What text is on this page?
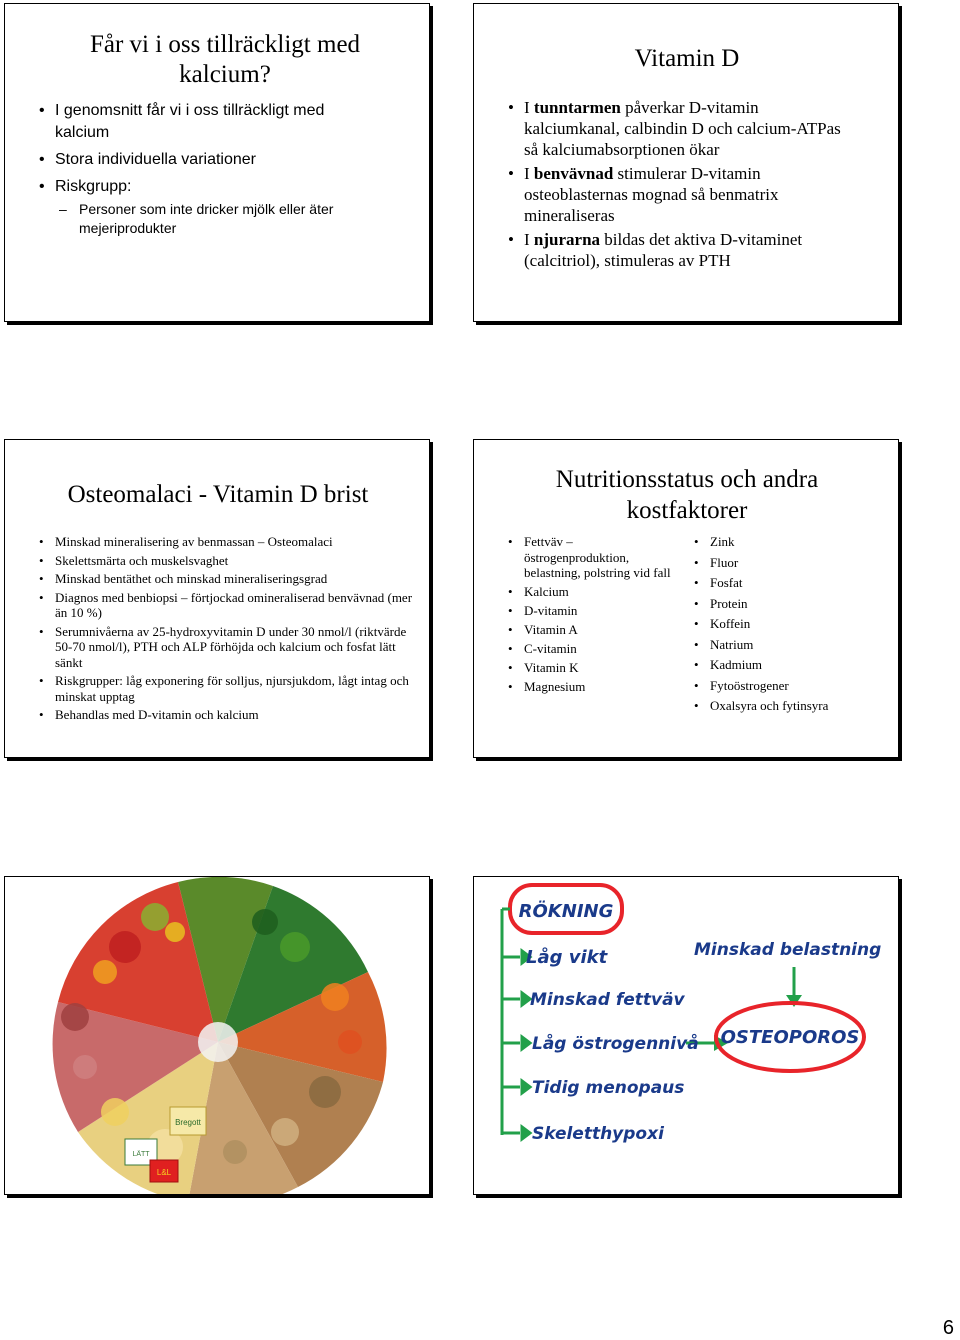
Får vi i oss tillräckligt med kalcium?
• I genomsnitt får vi i oss tillräckligt med kalcium
• Stora individuella variationer
• Riskgrupp:
– Personer som inte dricker mjölk eller äter mejeriprodukter
Vitamin D
• I tunntarmen påverkar D-vitamin kalciumkanal, calbindin D och calcium-ATPas så kalciumabsorptionen ökar
• I benvävnad stimulerar D-vitamin osteoblasternas mognad så benmatrix mineraliseras
• I njurarna bildas det aktiva D-vitaminet (calcitriol), stimuleras av PTH
Osteomalaci - Vitamin D brist
• Minskad mineralisering av benmassan – Osteomalaci
• Skelettsmärta och muskelsvaghet
• Minskad bentäthet och minskad mineraliseringsgrad
• Diagnos med benbiopsi – förtjockad omineraliserad benvävnad (mer än 10 %)
• Serumnivåerna av 25-hydroxyvitamin D under 30 nmol/l (riktvärde 50-70 nmol/l), PTH och ALP förhöjda och kalcium och fosfat lätt sänkt
• Riskgrupper: låg exponering för solljus, njursjukdom, lågt intag och minskat upptag
• Behandlas med D-vitamin och kalcium
Nutritionsstatus och andra kostfaktorer
• Fettväv – östrogenproduktion, belastning, polstring vid fall
• Kalcium
• D-vitamin
• Vitamin A
• C-vitamin
• Vitamin K
• Magnesium
• Zink
• Fluor
• Fosfat
• Protein
• Koffein
• Natrium
• Kadmium
• Fytoöstrogener
• Oxalsyra och fytinsyra
Bregott
LÄTT
L&L
RÖKNING
Låg vikt
Minskad fettväv
Låg östrogennivå
Tidig menopaus
Skeletthypoxi
Minskad belastning
OSTEOPOROS
6
